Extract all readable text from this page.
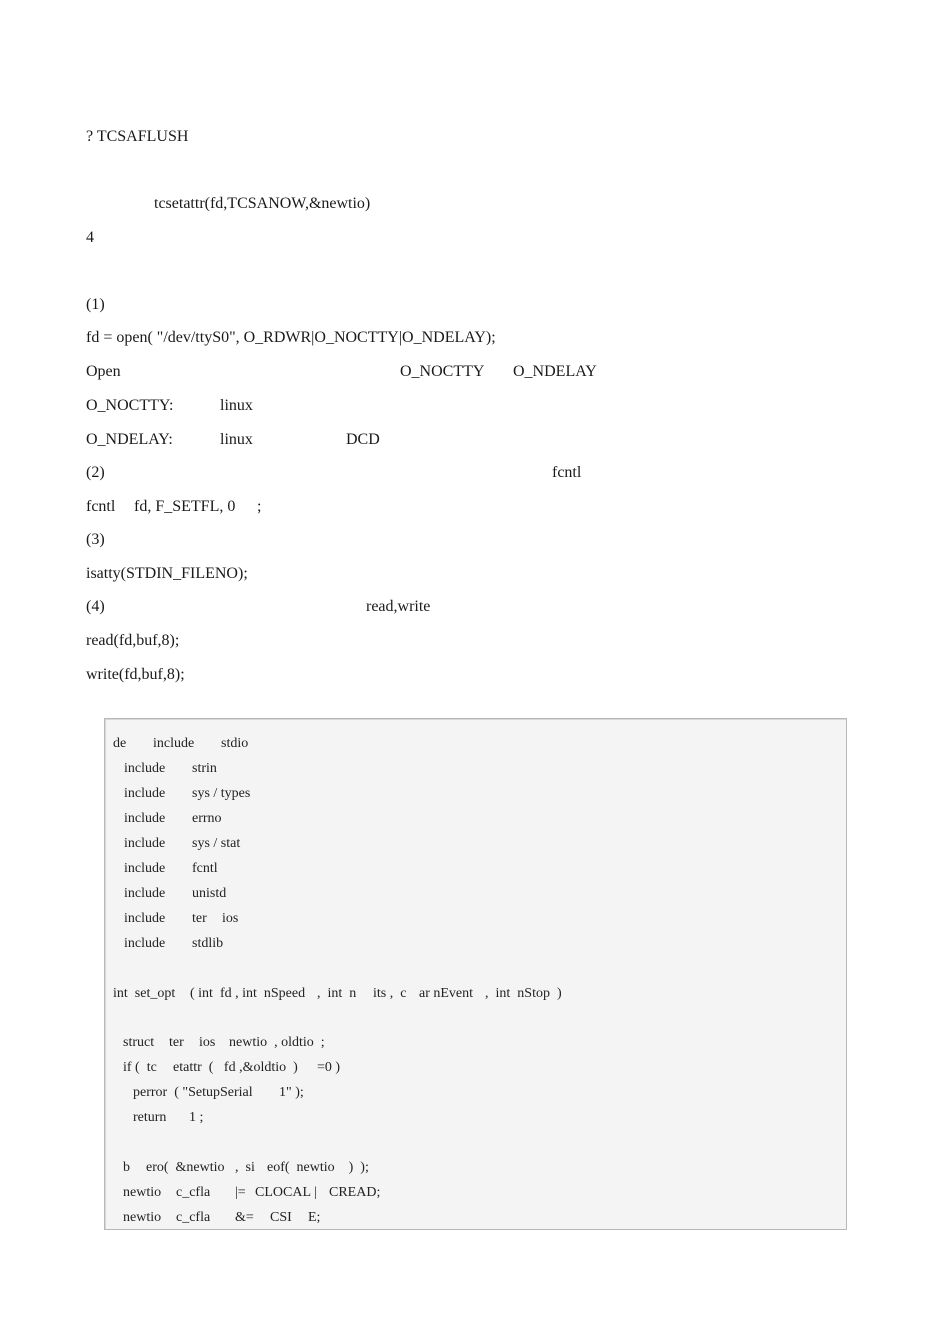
de include stdio
include strin
include sys / types
include errno
include sys / stat
include fcntl
include unistd
include ter ios
include stdlib
int  set_opt ( int  fd , int  nSpeed ,  int  n its ,  c ar nEvent ,  int  nStop  )
struct ter ios newtio  , oldtio  ;
if (  tc etattr  (   fd ,&oldtio  ) =0 )
perror  ( "SetupSerial 1" );
return 1 ;
b ero(  &newtio   ,  si eof(  newtio    )  );
newtio c_cfla |= CLOCAL | CREAD;
newtio c_cfla &= CSI E;
? TCSAFLUSH
tcsetattr(fd,TCSANOW,&newtio)
4
(1)
fd = open( "/dev/ttyS0", O_RDWR|O_NOCTTY|O_NDELAY);
Open	O_NOCTTY O_NDELAY
O_NOCTTY:	linux
O_NDELAY:	linux	DCD
(2)	fcntl
fcntl fd, F_SETFL, 0 ;
(3)
isatty(STDIN_FILENO);
(4)	read,write
read(fd,buf,8);
write(fd,buf,8);
